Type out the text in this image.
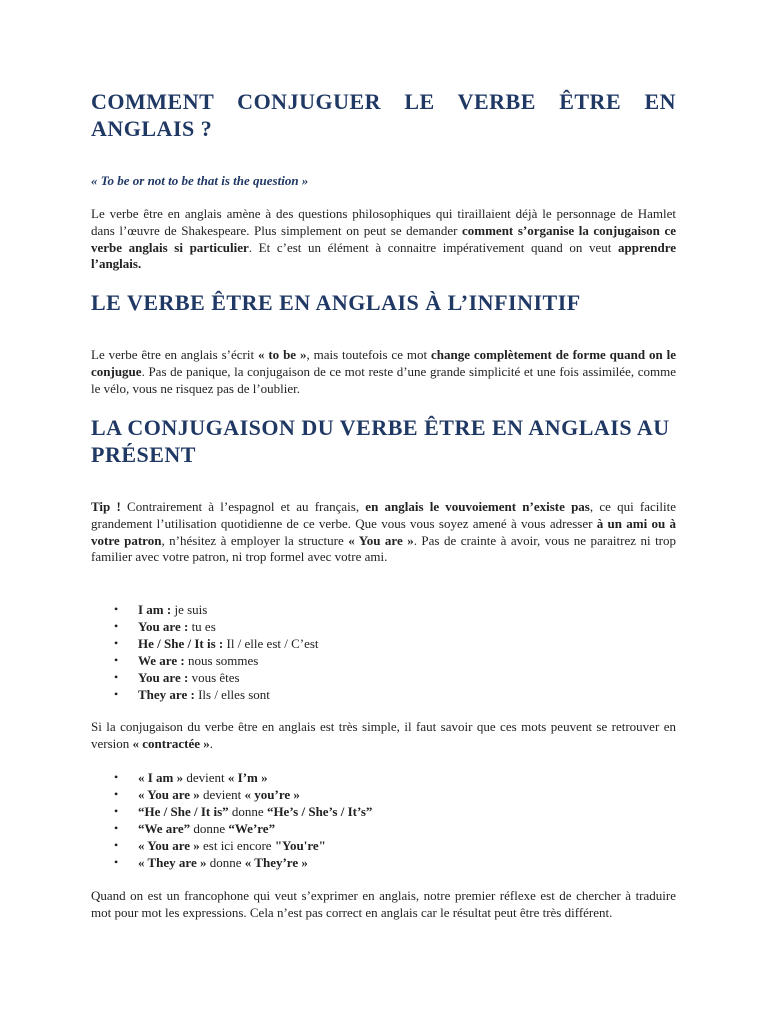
COMMENT CONJUGUER LE VERBE ÊTRE EN ANGLAIS ?
« To be or not to be that is the question »

Le verbe être en anglais amène à des questions philosophiques qui tiraillaient déjà le personnage de Hamlet dans l’œuvre de Shakespeare. Plus simplement on peut se demander comment s’organise la conjugaison ce verbe anglais si particulier. Et c’est un élément à connaitre impérativement quand on veut apprendre l’anglais.

LE VERBE ÊTRE EN ANGLAIS À L’INFINITIF

Le verbe être en anglais s’écrit « to be », mais toutefois ce mot change complètement de forme quand on le conjugue. Pas de panique, la conjugaison de ce mot reste d’une grande simplicité et une fois assimilée, comme le vélo, vous ne risquez pas de l’oublier.

LA CONJUGAISON DU VERBE ÊTRE EN ANGLAIS AU PRÉSENT

Tip ! Contrairement à l’espagnol et au français, en anglais le vouvoiement n’existe pas, ce qui facilite grandement l’utilisation quotidienne de ce verbe. Que vous vous soyez amené à vous adresser à un ami ou à votre patron, n’hésitez à employer la structure « You are ». Pas de crainte à avoir, vous ne paraitrez ni trop familier avec votre patron, ni trop formel avec votre ami.

• I am : je suis
• You are : tu es
• He / She / It is : Il / elle est / C’est
• We are : nous sommes
• You are : vous êtes
• They are : Ils / elles sont

Si la conjugaison du verbe être en anglais est très simple, il faut savoir que ces mots peuvent se retrouver en version « contractée ».

• « I am » devient « I’m »
• « You are » devient « you’re »
• “He / She / It is” donne “He’s / She’s / It’s”
• “We are” donne “We’re”
• « You are » est ici encore "You're"
• « They are » donne « They’re »

Quand on est un francophone qui veut s’exprimer en anglais, notre premier réflexe est de chercher à traduire mot pour mot les expressions. Cela n’est pas correct en anglais car le résultat peut être très différent.
